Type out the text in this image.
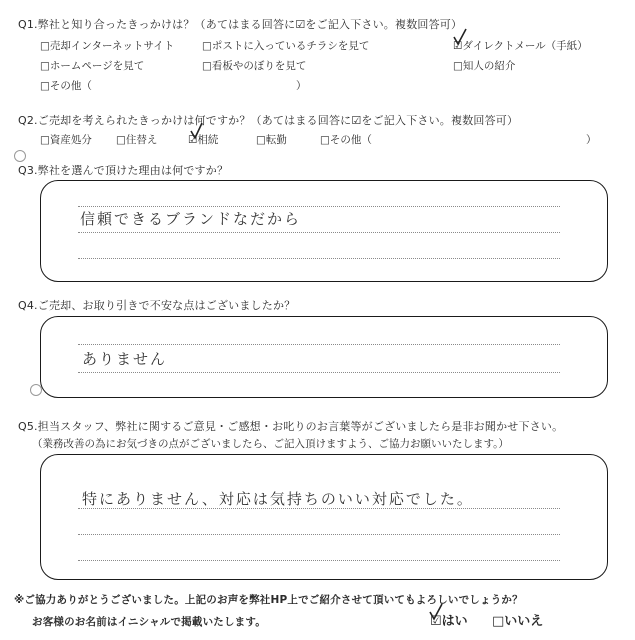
Q1.弊社と知り合ったきっかけは？（あてはまる回答に☑をご記入下さい。複数回答可）
□売却インターネットサイト	□ポストに入っているチラシを見て	☑ダイレクトメール（手紙）
□ホームページを見て	□看板やのぼりを見て	□知人の紹介
□その他（	）
Q2.ご売却を考えられたきっかけは何ですか？（あてはまる回答に☑をご記入下さい。複数回答可）
□資産処分 □住替え	☑相続	□転勤	□その他（	）
Q3.弊社を選んで頂けた理由は何ですか？
信頼できるブランドなだから
Q4.ご売却、お取り引きで不安な点はございましたか？
ありません
Q5.担当スタッフ、弊社に関するご意見・ご感想・お叱りのお言葉等がございましたら是非お聞かせ下さい。
（業務改善の為にお気づきの点がございましたら、ご記入頂けますよう、ご協力お願いいたします。）
特にありません、対応は気持ちのいい対応でした。
※ご協力ありがとうございました。上記のお声を弊社HP上でご紹介させて頂いてもよろしいでしょうか？
お客様のお名前はイニシャルで掲載いたします。	☑はい □いいえ
